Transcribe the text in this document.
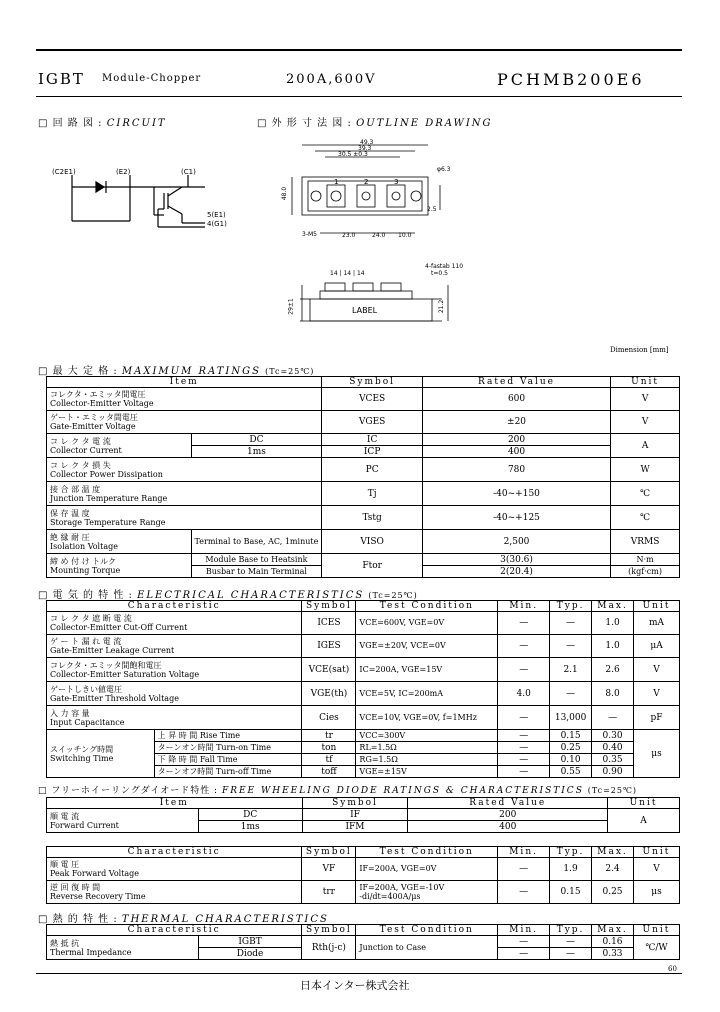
IGBT Module-Chopper	200A,600V	PCHMB200E6
□ 回 路 図 : CIRCUIT	□ 外 形 寸 法 図 : OUTLINE DRAWING
(C2E1)	(E2)	(C1)
5(E1)
4(G1)
49.3
39.3
30.5 ±0.3
48.0
1	2	3
φ6.3
3-M5	23.0	24.0 10.0
2.5
14 | 14 | 14
4-fastab 110
t=0.5
LABEL
29±1	21.2
Dimension [mm]
□ 最 大 定 格 : MAXIMUM RATINGS (Tc=25℃)
Item		Symbol	Rated Value	Unit

コレクタ・エミッタ間電圧
Collector-Emitter Voltage		VCES	600	V

ゲート・エミッタ間電圧
Gate-Emitter Voltage		VGES	±20	V

コ レ ク タ 電 流
Collector Current	DC	IC	200	A
	1ms	ICP	400	

コ レ ク タ 損 失
Collector Power Dissipation		PC	780	W

接 合 部 温 度
Junction Temperature Range		Tj	-40~+150	℃

保 存 温 度
Storage Temperature Range		Tstg	-40~+125	℃

絶 縁 耐 圧
Isolation Voltage	Terminal to Base, AC, 1minute	VISO	2,500	VRMS

締 め 付 け トルク
Mounting Torque	Module Base to Heatsink	Ftor	3(30.6)	N·m
	Busbar to Main Terminal		2(20.4)	(kgf·cm)
□ 電 気 的 特 性 : ELECTRICAL CHARACTERISTICS (Tc=25℃)
Characteristic		Symbol	Test Condition	Min.	Typ.	Max.	Unit

コ レ ク タ 遮 断 電 流
Collector-Emitter Cut-Off Current		ICES	VCE=600V, VGE=0V	—	—	1.0	mA

ゲ ー ト 漏 れ 電 流
Gate-Emitter Leakage Current		IGES	VGE=±20V, VCE=0V	—	—	1.0	μA

コレクタ・エミッタ間飽和電圧
Collector-Emitter Saturation Voltage		VCE(sat)	IC=200A, VGE=15V	—	2.1	2.6	V

ゲートしきい値電圧
Gate-Emitter Threshold Voltage		VGE(th)	VCE=5V, IC=200mA	4.0	—	8.0	V

入 力 容 量
Input Capacitance		Cies	VCE=10V, VGE=0V, f=1MHz	—	13,000	—	pF

スイッチング時間
Switching Time	上 昇 時 間 Rise Time	tr	VCC=300V	—	0.15	0.30	μs
	ターンオン時間 Turn-on Time	ton	RL=1.5Ω	—	0.25	0.40	
	下 降 時 間 Fall Time	tf	RG=1.5Ω	—	0.10	0.35	
	ターンオフ時間 Turn-off Time	toff	VGE=±15V	—	0.55	0.90	
□ フリーホイーリングダイオード特性 : FREE WHEELING DIODE RATINGS & CHARACTERISTICS (Tc=25℃)
Item		Symbol	Rated Value	Unit

順 電 流
Forward Current	DC	IF	200	A
	1ms	IFM	400	
Characteristic	Symbol	Test Condition	Min.	Typ.	Max.	Unit

順 電 圧
Peak Forward Voltage	VF	IF=200A, VGE=0V	—	1.9	2.4	V

逆 回 復 時 間
Reverse Recovery Time	trr	IF=200A, VGE=-10V
-di/dt=400A/μs	—	0.15	0.25	μs
□ 熱 的 特 性 : THERMAL CHARACTERISTICS
Characteristic		Symbol	Test Condition	Min.	Typ.	Max.	Unit

熱 抵 抗
Thermal Impedance	IGBT	Rth(j-c)	Junction to Case	—	—	0.16	℃/W
	Diode			—	—	0.33	
日本インター株式会社
60
